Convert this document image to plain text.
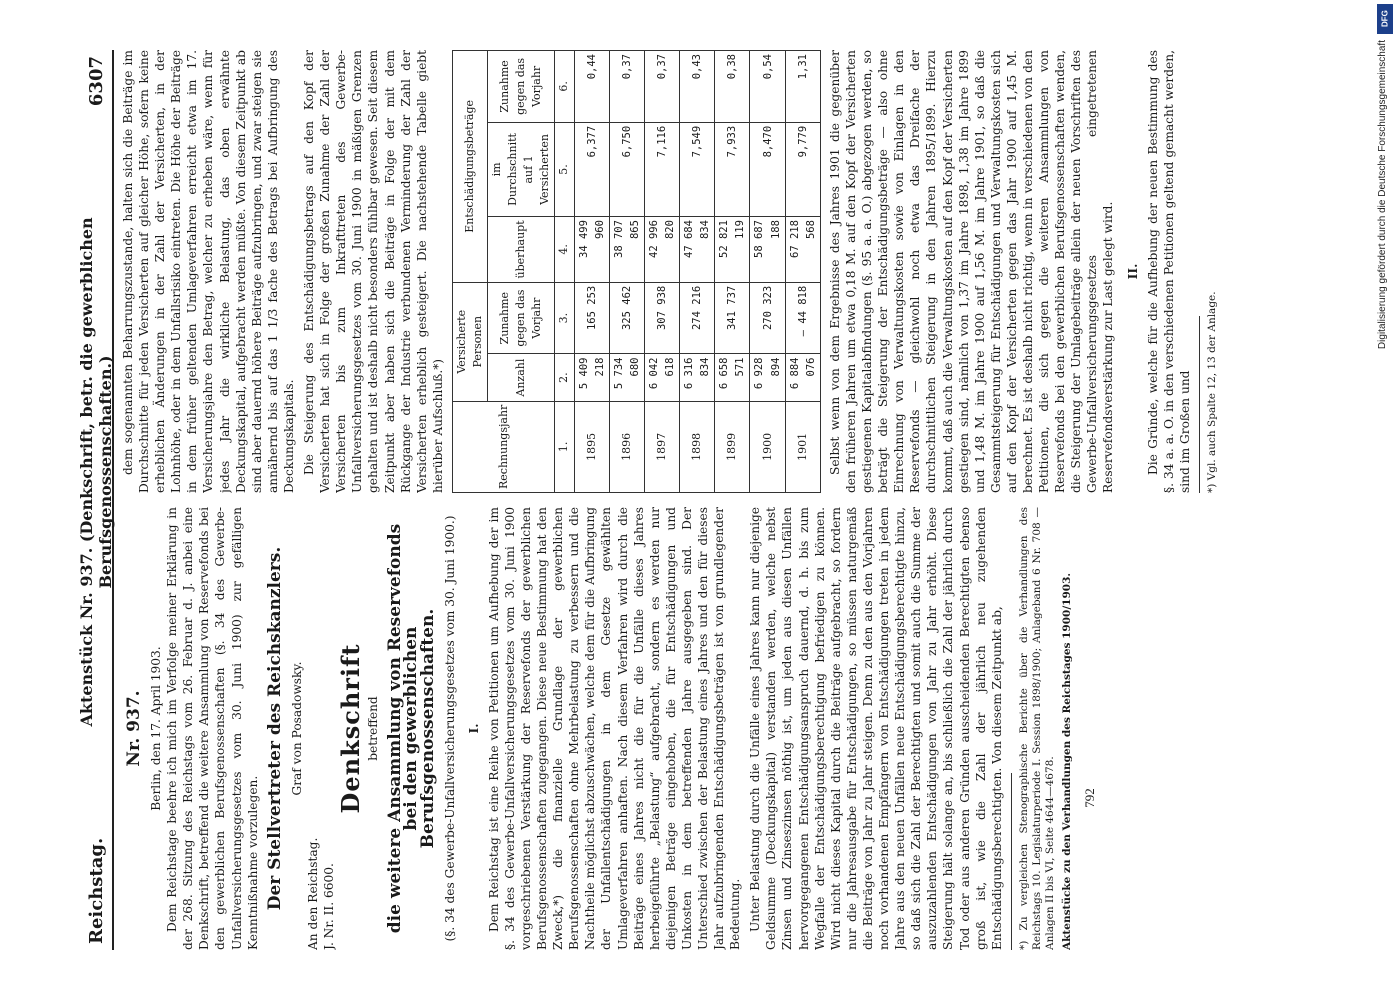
Reichstag.
Aktenstück Nr. 937. (Denkschrift, betr. die gewerblichen Berufsgenossenschaften.)
6307
Nr. 937. Berlin, den 17. April 1903. Dem Reichstage beehre ich mich im Verfolge meiner Erklärung in der 268. Sitzung des Reichstags vom 26. Februar d. J. anbei eine Denkschrift, betreffend die weitere Ansammlung von Reservefonds bei den gewerblichen Berufsgenossenschaften (§. 34 des Gewerbe-Unfallversicherungsgesetzes vom 30. Juni 1900) zur gefälligen Kenntnißnahme vorzulegen. Der Stellvertreter des Reichskanzlers. Graf von Posadowsky.
An den Reichstag. J. Nr. II. 6600.
Denkschrift betreffend die weitere Ansammlung von Reservefonds bei den gewerblichen Berufsgenossenschaften. (§. 34 des Gewerbe-Unfallversicherungsgesetzes vom 30. Juni 1900.) I. Dem Reichstag ist eine Reihe von Petitionen um Aufhebung der im §. 34 des Gewerbe-Unfallversicherungsgesetzes vom 30. Juni 1900 vorgeschriebenen Verstärkung der Reservefonds der gewerblichen Berufsgenossenschaften zugegangen. Diese neue Bestimmung hat den Zweck,*) die finanzielle Grundlage der gewerblichen Berufsgenossenschaften ohne Mehrbelastung zu verbessern und die Nachtheile möglichst abzuschwächen, welche dem für die Aufbringung der Unfallentschädigungen in dem Gesetze gewählten Umlageverfahren anhaften. Nach diesem Verfahren wird durch die Beiträge eines Jahres nicht die für die Unfälle dieses Jahres herbeigeführte „Belastung“ aufgebracht, sondern es werden nur diejenigen Beträge eingehoben, die für Entschädigungen und Unkosten in dem betreffenden Jahre ausgegeben sind. Der Unterschied zwischen der Belastung eines Jahres und den für dieses Jahr aufzubringenden Entschädigungsbeträgen ist von grundlegender Bedeutung. Unter Belastung durch die Unfälle eines Jahres kann nur diejenige Geldsumme (Deckungskapital) verstanden werden, welche nebst Zinsen und Zinseszinsen nöthig ist, um jeden aus diesen Unfällen hervorgegangenen Entschädigungsanspruch dauernd, d. h. bis zum Wegfalle der Entschädigungsberechtigung befriedigen zu können. Wird nicht dieses Kapital durch die Beiträge aufgebracht, so fordern nur die Jahresausgabe für Entschädigungen, so müssen naturgemäß die Beiträge von Jahr zu Jahr steigen. Denn zu den aus den Vorjahren noch vorhandenen Empfängern von Entschädigungen treten in jedem Jahre aus den neuen Unfällen neue Entschädigungsberechtigte hinzu, so daß sich die Zahl der Berechtigten und somit auch die Summe der auszuzahlenden Entschädigungen von Jahr zu Jahr erhöht. Diese Steigerung hält solange an, bis schließlich die Zahl der jährlich durch Tod oder aus anderen Gründen ausscheidenden Berechtigten ebenso groß ist, wie die Zahl der jährlich neu zugehenden Entschädigungsberechtigten. Von diesem Zeitpunkt ab, *) Zu vergleichen Stenographische Berichte über die Verhandlungen des Reichstags 10. Legislaturperiode I. Session 1898/1900; Anlageband 6 Nr. 708 — Anlagen II bis VI, Seite 4644—4678. Aktenstücke zu den Verhandlungen des Reichstages 1900/1903.

dem sogenannten Beharrungszustande, halten sich die Beiträge im Durchschnitte für jeden Versicherten auf gleicher Höhe, sofern keine erheblichen Änderungen in der Zahl der Versicherten, in der Lohnhöhe, oder in dem Unfallsrisiko eintreten. Die Höhe der Beiträge in dem früher geltenden Umlageverfahren erreicht etwa im 17. Versicherungsjahre den Betrag, welcher zu erheben wäre, wenn für jedes Jahr die wirkliche Belastung, das oben erwähnte Deckungskapital, aufgebracht werden müßte. Von diesem Zeitpunkt ab sind aber dauernd höhere Beiträge aufzubringen, und zwar steigen sie annähernd bis auf das 1 1/3 fache des Betrags bei Aufbringung des Deckungskapitals. Die Steigerung des Entschädigungsbetrags auf den Kopf der Versicherten hat sich in Folge der großen Zunahme der Zahl der Versicherten bis zum Inkrafttreten des Gewerbe-Unfallversicherungsgesetzes vom 30. Juni 1900 in mäßigen Grenzen gehalten und ist deshalb nicht besonders fühlbar gewesen. Seit diesem Zeitpunkt aber haben sich die Beiträge in Folge der mit dem Rückgange der Industrie verbundenen Verminderung der Zahl der Versicherten erheblich gesteigert. Die nachstehende Tabelle giebt hierüber Aufschluß.*)	Rechnungsjahr	Versicherte Personen		Entschädigungsbeträge		
	Anzahl	Zunahme gegen das Vorjahr	überhaupt	im Durchschnitt auf 1 Versicherten	Zunahme gegen das Vorjahr
1.	2.	3.	4.	5.	6.
1895	5 409 218	165 253	34 499 960	6,377	0,44
1896	5 734 680	325 462	38 707 865	6,750	0,37
1897	6 042 618	307 938	42 996 820	7,116	0,37
1898	6 316 834	274 216	47 684 834	7,549	0,43
1899	6 658 571	341 737	52 821 119	7,933	0,38
1900	6 928 894	270 323	58 687 188	8,470	0,54
1901	6 884 076	— 44 818	67 218 568	9,779	1,31 Selbst wenn von dem Ergebnisse des Jahres 1901 die gegenüber den früheren Jahren um etwa 0,18 M. auf den Kopf der Versicherten gestiegenen Kapitalabfindungen (§. 95 a. a. O.) abgezogen werden, so beträgt die Steigerung der Entschädigungsbeträge — also ohne Einrechnung von Verwaltungskosten sowie von Einlagen in den Reservefonds — gleichwohl noch etwa das Dreifache der durchschnittlichen Steigerung in den Jahren 1895/1899. Hierzu kommt, daß auch die Verwaltungskosten auf den Kopf der Versicherten gestiegen sind, nämlich von 1,37 im Jahre 1898, 1,38 im Jahre 1899 und 1,48 M. im Jahre 1900 auf 1,56 M. im Jahre 1901, so daß die Gesammtsteigerung für Entschädigungen und Verwaltungskosten sich auf den Kopf der Versicherten gegen das Jahr 1900 auf 1,45 M. berechnet. Es ist deshalb nicht richtig, wenn in verschiedenen von den Petitionen, die sich gegen die weiteren Ansammlungen von Reservefonds bei den gewerblichen Berufsgenossenschaften wenden, die Steigerung der Umlagebeiträge allein der neuen Vorschriften des Gewerbe-Unfallversicherungsgesetzes eingetretenen Reservefondsverstärkung zur Last gelegt wird. II. Die Gründe, welche für die Aufhebung der neuen Bestimmung des §. 34 a. a. O. in den verschiedenen Petitionen geltend gemacht werden, sind im Großen und *) Vgl. auch Spalte 12, 13 der Anlage.
792
DFG
Digitalisierung gefördert durch die Deutsche Forschungsgemeinschaft
